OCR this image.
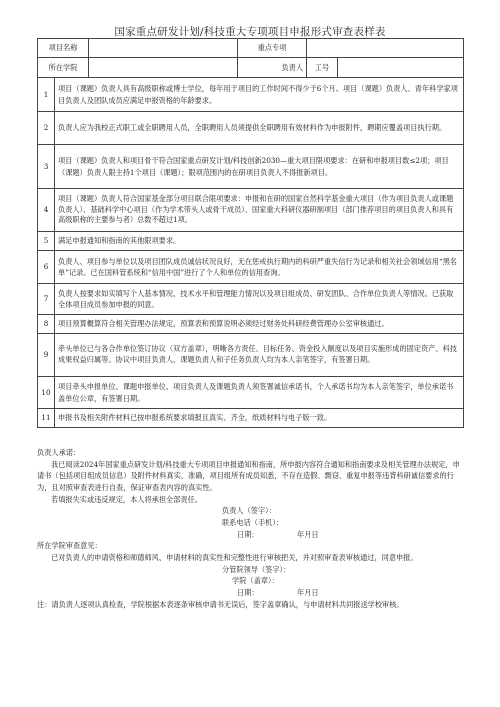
国家重点研发计划/科技重大专项项目申报形式审查表样表
项目名称			重点专项		
所在学院			负责人	工号	
1	项目（课题）负责人具有高级职称或博士学位，每年用于项目的工作时间不得少于6个月。项目（课题）负责人、青年科学家项目负责人及团队成员应满足申报资格的年龄要求。				
2	负责人应为我校正式职工或全职聘用人员，全职聘用人员须提供全职聘用有效材料作为申报附件，聘期应覆盖项目执行期。				
3	项目（课题）负责人和项目骨干符合国家重点研发计划/科技创新2030—重大项目限项要求：在研和申报项目数≤2项；项目（课题）负责人限主持1个项目（课题）；限项范围内的在研项目负责人不得报新项目。				
4	项目（课题）负责人符合国家基金部分项目联合限项要求：申报和在研的国家自然科学基金重大项目（作为项目负责人或课题负责人）、基础科学中心项目（作为学术带头人或骨干成员）、国家重大科研仪器研制项目（部门推荐项目的项目负责人和具有高级职称的主要参与者）总数不超过1项。				
5	满足申报通知和指南的其他限项要求。				
6	负责人、项目参与单位以及项目团队成员诚信状况良好，无在惩戒执行期内的科研严重失信行为记录和相关社会领域信用“黑名单”记录。已在国科管系统和“信用中国”进行了个人和单位的信用查询。				
7	负责人按要求如实填写个人基本情况、技术水平和管理能力情况以及项目组成员、研发团队、合作单位负责人等情况。已获取全体项目成员参加申报的同意。				
8	项目预算概算符合相关管理办法规定，预算表和预算说明必须经过财务处科研经费管理办公室审核通过。				
9	牵头单位已与各合作单位签订协议（双方盖章），明晰各方责任、目标任务、资金投入额度以及项目实施形成的固定资产、科技成果权益归属等。协议中项目负责人、课题负责人和子任务负责人均为本人亲笔签字，有签署日期。				
10	项目牵头申报单位、课题申报单位、项目负责人及课题负责人须签署诚信承诺书，个人承诺书均为本人亲笔签字，单位承诺书盖单位公章，有签署日期。				
11	申报书及相关附件材料已按申报系统要求填报且真实、齐全，纸质材料与电子版一致。				

负责人承诺：

我已阅读2024年国家重点研发计划/科技重大专项项目申报通知和指南，所申报内容符合通知和指南要求及相关管理办法规定，申请书（包括项目组成员信息）及附件材料真实、准确，项目组所有成员知悉，不存在造假、剽窃、重复申报等违背科研诚信要求的行为，且对照审查表进行自查，保证审查表内容的真实性。

若填报失实或违反规定，本人将承担全部责任。

负责人（签字）：

联系电话（手机）：

日期：	年月日

所在学院审查意见：

已对负责人的申请资格和师德师风、申请材料的真实性和完整性进行审核把关，并对照审查表审核通过，同意申报。

分管院领导（签字）：

学院（盖章）：

日期：	年月日

注：请负责人逐项认真检查，学院根据本表逐条审核申请书无误后，签字盖章确认，与申请材料共同报送学校审核。
